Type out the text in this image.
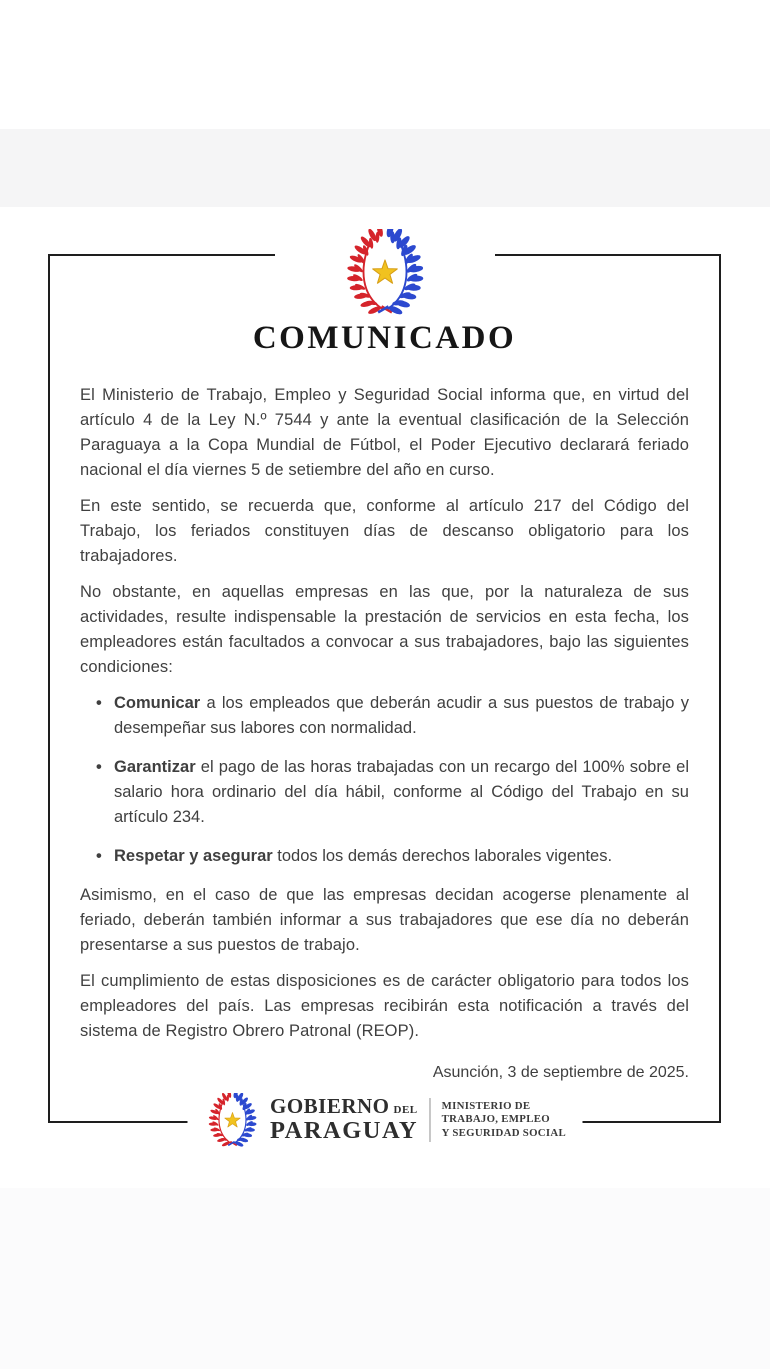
COMUNICADO

El Ministerio de Trabajo, Empleo y Seguridad Social informa que, en virtud del artículo 4 de la Ley N.º 7544 y ante la eventual clasificación de la Selección Paraguaya a la Copa Mundial de Fútbol, el Poder Ejecutivo declarará feriado nacional el día viernes 5 de setiembre del año en curso.

En este sentido, se recuerda que, conforme al artículo 217 del Código del Trabajo, los feriados constituyen días de descanso obligatorio para los trabajadores.

No obstante, en aquellas empresas en las que, por la naturaleza de sus actividades, resulte indispensable la prestación de servicios en esta fecha, los empleadores están facultados a convocar a sus trabajadores, bajo las siguientes condiciones:

• Comunicar a los empleados que deberán acudir a sus puestos de trabajo y desempeñar sus labores con normalidad.
• Garantizar el pago de las horas trabajadas con un recargo del 100% sobre el salario hora ordinario del día hábil, conforme al Código del Trabajo en su artículo 234.
• Respetar y asegurar todos los demás derechos laborales vigentes.

Asimismo, en el caso de que las empresas decidan acogerse plenamente al feriado, deberán también informar a sus trabajadores que ese día no deberán presentarse a sus puestos de trabajo.

El cumplimiento de estas disposiciones es de carácter obligatorio para todos los empleadores del país. Las empresas recibirán esta notificación a través del sistema de Registro Obrero Patronal (REOP).

Asunción, 3 de septiembre de 2025.

GOBIERNO DEL
PARAGUAY
MINISTERIO DE
TRABAJO, EMPLEO
Y SEGURIDAD SOCIAL
